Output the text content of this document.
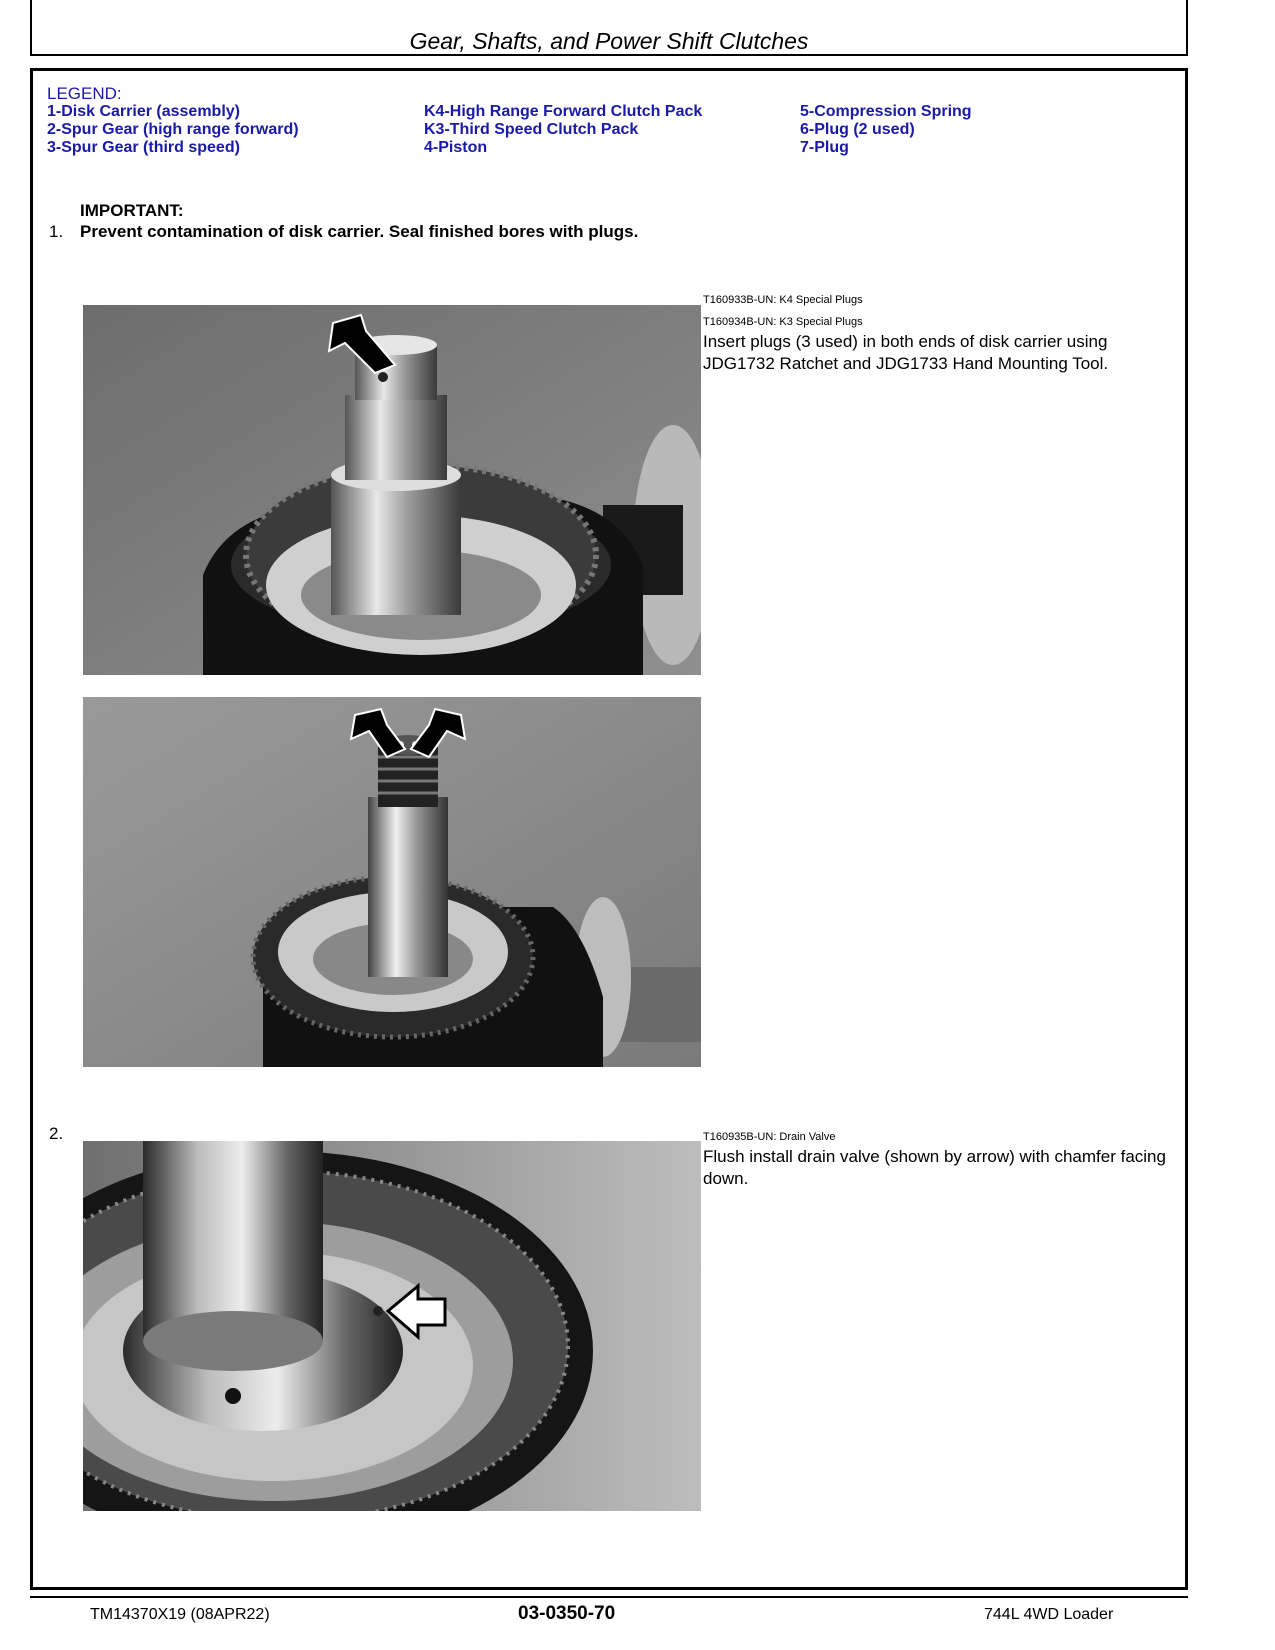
Gear, Shafts, and Power Shift Clutches
LEGEND:
1-Disk Carrier (assembly)
2-Spur Gear (high range forward)
3-Spur Gear (third speed)
K4-High Range Forward Clutch Pack
K3-Third Speed Clutch Pack
4-Piston
5-Compression Spring
6-Plug (2 used)
7-Plug
IMPORTANT:
1. Prevent contamination of disk carrier. Seal finished bores with plugs.
T160933B-UN: K4 Special Plugs
T160934B-UN: K3 Special Plugs
Insert plugs (3 used) in both ends of disk carrier using JDG1732 Ratchet and JDG1733 Hand Mounting Tool.
2.	T160935B-UN: Drain Valve
Flush install drain valve (shown by arrow) with chamfer facing down.
TM14370X19 (08APR22)	03-0350-70	744L 4WD Loader
